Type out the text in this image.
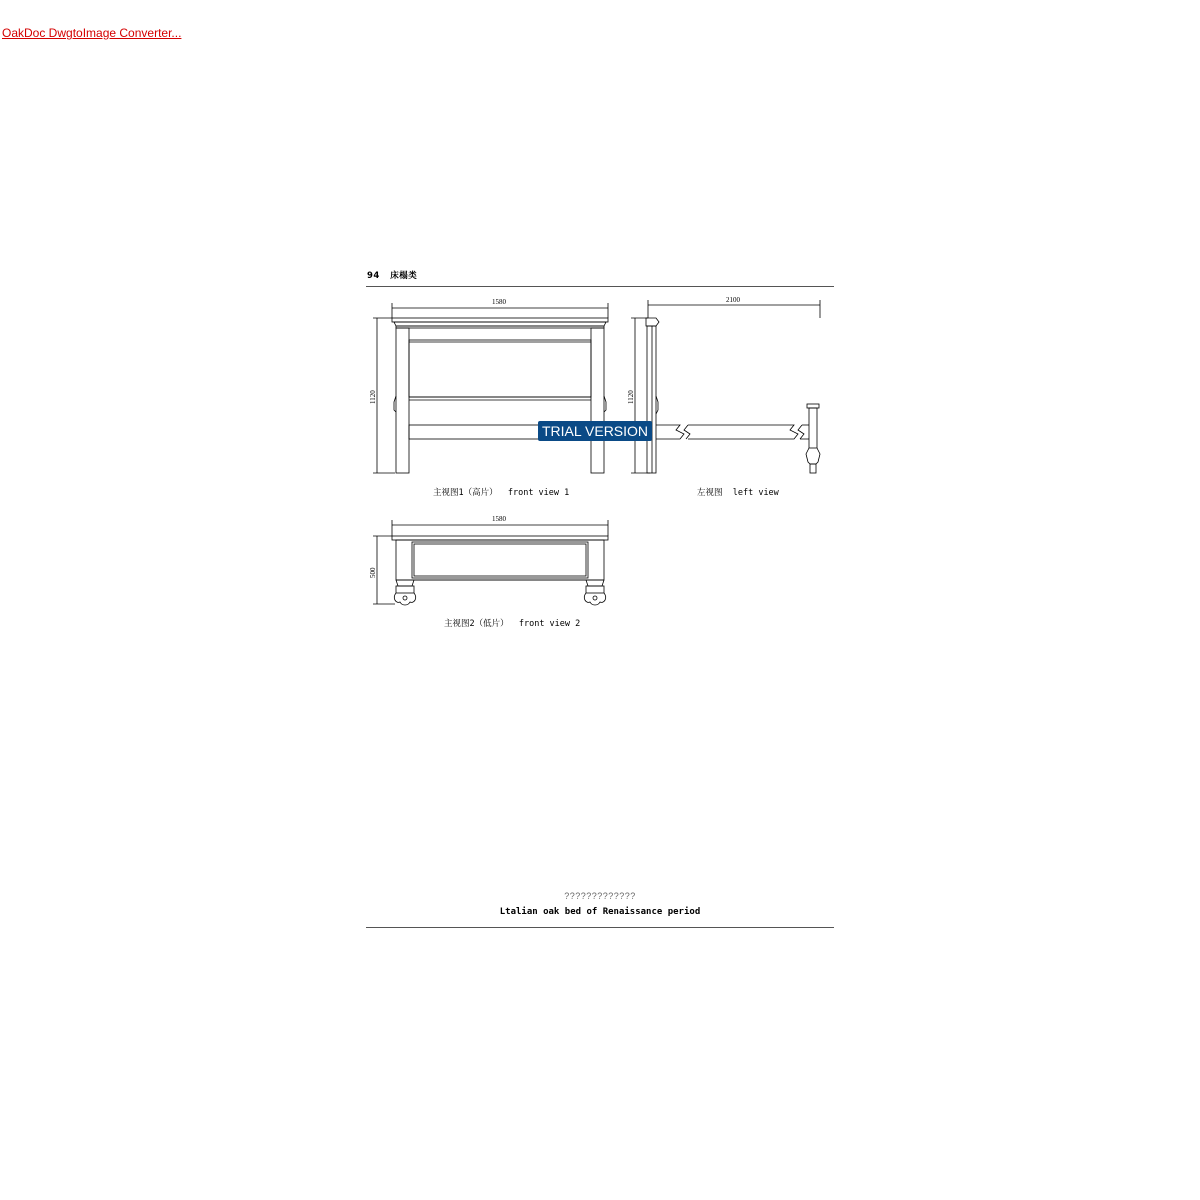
OakDoc DwgtoImage Converter...
94 床榻类
1580
1120
2100
1120
1580
500
主视图1（高片）  front view 1	左视图  left view
主视图2（低片）  front view 2
TRIAL VERSION
?????????????
Ltalian oak bed of Renaissance period
